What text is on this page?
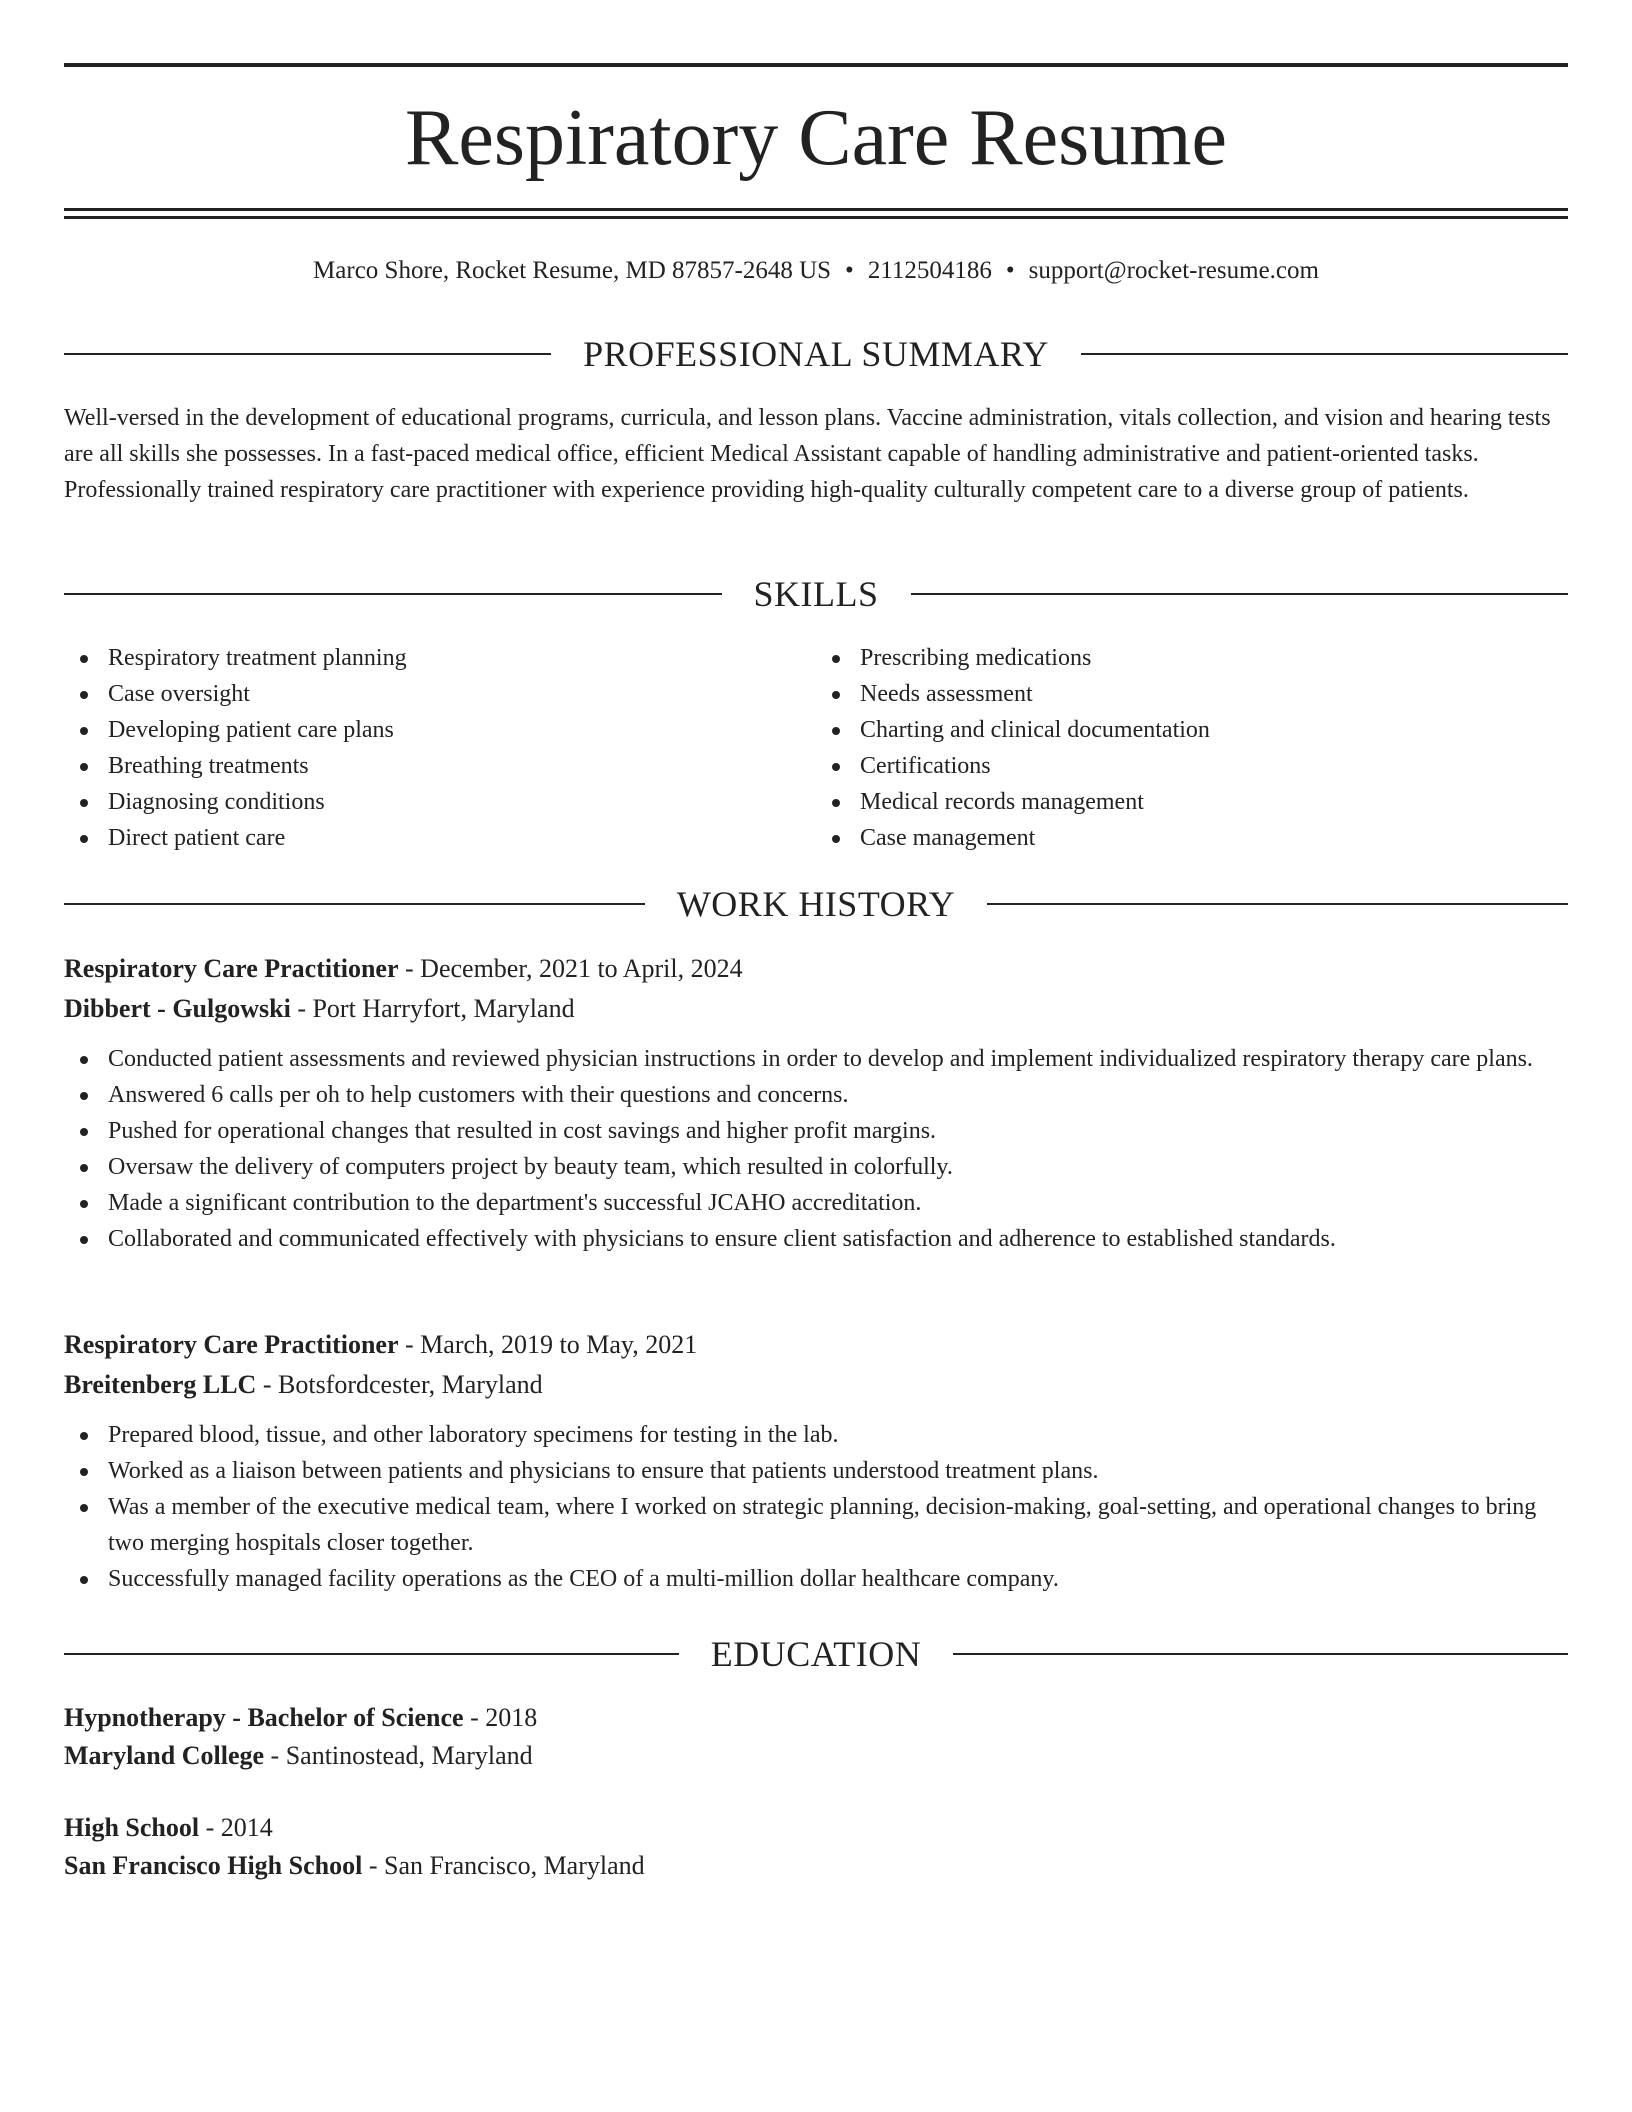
Respiratory Care Resume
Marco Shore, Rocket Resume, MD 87857-2648 US • 2112504186 • support@rocket-resume.com
PROFESSIONAL SUMMARY

Well-versed in the development of educational programs, curricula, and lesson plans. Vaccine administration, vitals collection, and vision and hearing tests are all skills she possesses. In a fast-paced medical office, efficient Medical Assistant capable of handling administrative and patient-oriented tasks. Professionally trained respiratory care practitioner with experience providing high-quality culturally competent care to a diverse group of patients.

SKILLS
Respiratory treatment planning
Case oversight
Developing patient care plans
Breathing treatments
Diagnosing conditions
Direct patient care
Prescribing medications
Needs assessment
Charting and clinical documentation
Certifications
Medical records management
Case management
WORK HISTORY
Respiratory Care Practitioner - December, 2021 to April, 2024
Dibbert - Gulgowski - Port Harryfort, Maryland
Conducted patient assessments and reviewed physician instructions in order to develop and implement individualized respiratory therapy care plans.
Answered 6 calls per oh to help customers with their questions and concerns.
Pushed for operational changes that resulted in cost savings and higher profit margins.
Oversaw the delivery of computers project by beauty team, which resulted in colorfully.
Made a significant contribution to the department's successful JCAHO accreditation.
Collaborated and communicated effectively with physicians to ensure client satisfaction and adherence to established standards.
Respiratory Care Practitioner - March, 2019 to May, 2021
Breitenberg LLC - Botsfordcester, Maryland
Prepared blood, tissue, and other laboratory specimens for testing in the lab.
Worked as a liaison between patients and physicians to ensure that patients understood treatment plans.
Was a member of the executive medical team, where I worked on strategic planning, decision-making, goal-setting, and operational changes to bring two merging hospitals closer together.
Successfully managed facility operations as the CEO of a multi-million dollar healthcare company.
EDUCATION
Hypnotherapy - Bachelor of Science - 2018
Maryland College - Santinostead, Maryland
High School - 2014
San Francisco High School - San Francisco, Maryland
